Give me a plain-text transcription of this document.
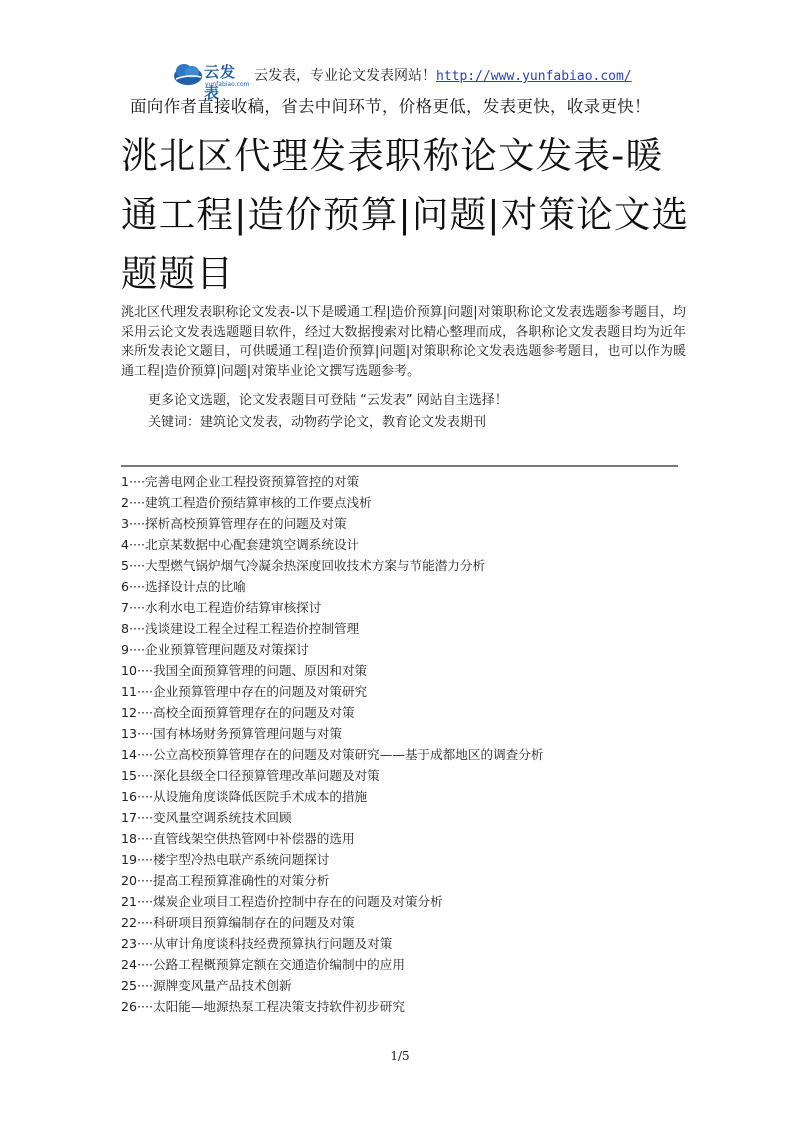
云发表
yunfabiao.com
云发表，专业论文发表网站！http://www.yunfabiao.com/
面向作者直接收稿，省去中间环节，价格更低，发表更快，收录更快！
洮北区代理发表职称论文发表-暖通工程|造价预算|问题|对策论文选题题目
洮北区代理发表职称论文发表-以下是暖通工程|造价预算|问题|对策职称论文发表选题参考题目，均采用云论文发表选题题目软件，经过大数据搜索对比精心整理而成，各职称论文发表题目均为近年来所发表论文题目，可供暖通工程|造价预算|问题|对策职称论文发表选题参考题目，也可以作为暖通工程|造价预算|问题|对策毕业论文撰写选题参考。
更多论文选题，论文发表题目可登陆 “云发表” 网站自主选择！
关键词：建筑论文发表，动物药学论文，教育论文发表期刊
1····完善电网企业工程投资预算管控的对策
2····建筑工程造价预结算审核的工作要点浅析
3····探析高校预算管理存在的问题及对策
4····北京某数据中心配套建筑空调系统设计
5····大型燃气锅炉烟气冷凝余热深度回收技术方案与节能潜力分析
6····选择设计点的比喻
7····水利水电工程造价结算审核探讨
8····浅谈建设工程全过程工程造价控制管理
9····企业预算管理问题及对策探讨
10····我国全面预算管理的问题、原因和对策
11····企业预算管理中存在的问题及对策研究
12····高校全面预算管理存在的问题及对策
13····国有林场财务预算管理问题与对策
14····公立高校预算管理存在的问题及对策研究——基于成都地区的调查分析
15····深化县级全口径预算管理改革问题及对策
16····从设施角度谈降低医院手术成本的措施
17····变风量空调系统技术回顾
18····直管线架空供热管网中补偿器的选用
19····楼宇型冷热电联产系统问题探讨
20····提高工程预算准确性的对策分析
21····煤炭企业项目工程造价控制中存在的问题及对策分析
22····科研项目预算编制存在的问题及对策
23····从审计角度谈科技经费预算执行问题及对策
24····公路工程概预算定额在交通造价编制中的应用
25····源牌变风量产品技术创新
26····太阳能—地源热泵工程决策支持软件初步研究
1/5
